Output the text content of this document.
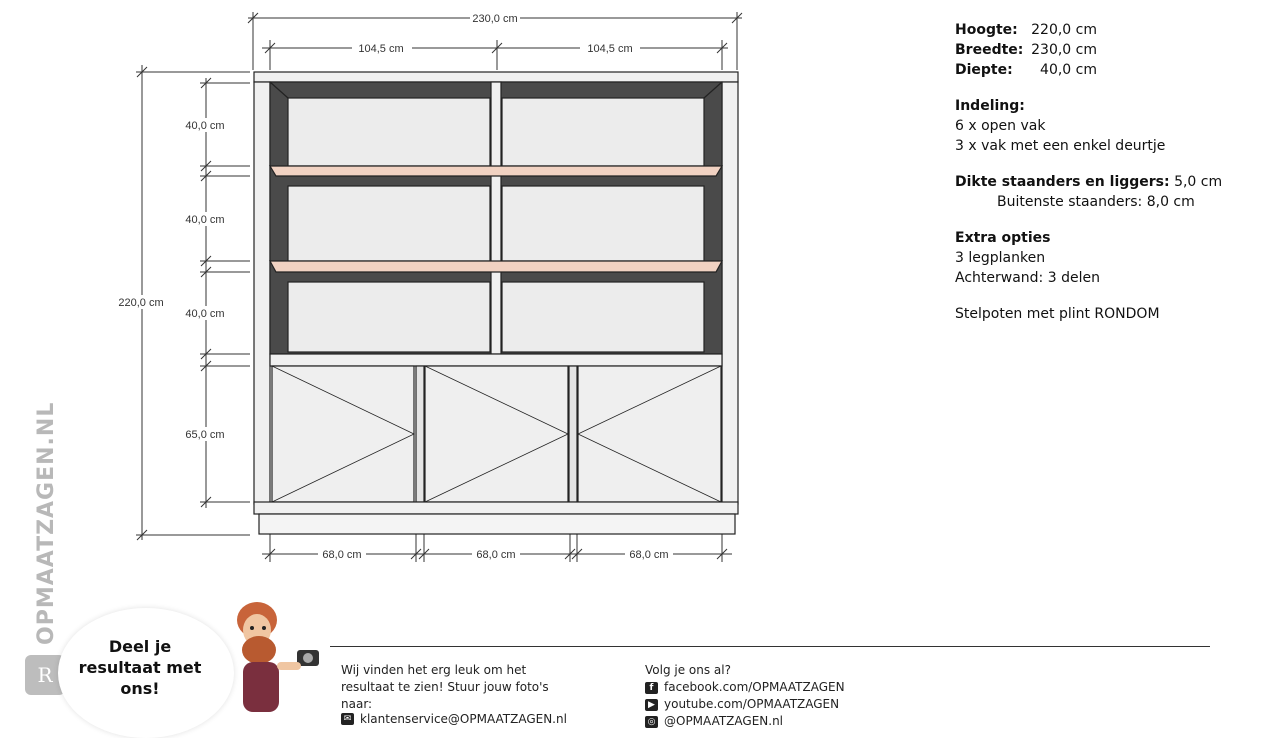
230,0 cm
104,5 cm	104,5 cm
220,0 cm
40,0 cm
40,0 cm
40,0 cm
65,0 cm
68,0 cm	68,0 cm	68,0 cm
Hoogte: 220,0 cm
Breedte: 230,0 cm
Diepte:	40,0 cm
Indeling:
6 x open vak
3 x vak met een enkel deurtje
Dikte staanders en liggers: 5,0 cm
Buitenste staanders: 8,0 cm
Extra opties
3 legplanken
Achterwand: 3 delen
Stelpoten met plint RONDOM
OPMAATZAGEN.NL
R
Deel je resultaat met ons!
Wij vinden het erg leuk om het resultaat te zien! Stuur jouw foto's naar:
✉ klantenservice@OPMAATZAGEN.nl
Volg je ons al?
f facebook.com/OPMAATZAGEN
▶ youtube.com/OPMAATZAGEN
◎ @OPMAATZAGEN.nl
